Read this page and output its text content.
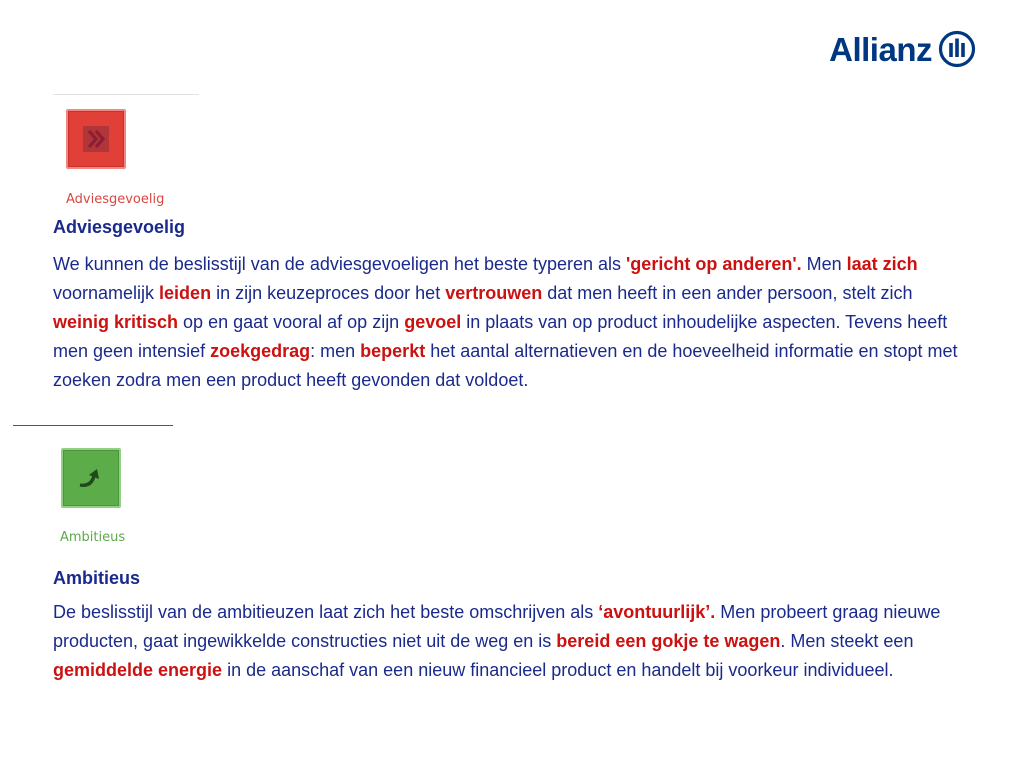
Allianz
Adviesgevoelig
Adviesgevoelig

We kunnen de beslisstijl van de adviesgevoeligen het beste typeren als 'gericht op anderen'. Men laat zich voornamelijk leiden in zijn keuzeproces door het vertrouwen dat men heeft in een ander persoon, stelt zich weinig kritisch op en gaat vooral af op zijn gevoel in plaats van op product inhoudelijke aspecten. Tevens heeft men geen intensief zoekgedrag: men beperkt het aantal alternatieven en de hoeveelheid informatie en stopt met zoeken zodra men een product heeft gevonden dat voldoet.

Ambitieus
Ambitieus

De beslisstijl van de ambitieuzen laat zich het beste omschrijven als ‘avontuurlijk’. Men probeert graag nieuwe producten, gaat ingewikkelde constructies niet uit de weg en is bereid een gokje te wagen. Men steekt een gemiddelde energie in de aanschaf van een nieuw financieel product en handelt bij voorkeur individueel.
